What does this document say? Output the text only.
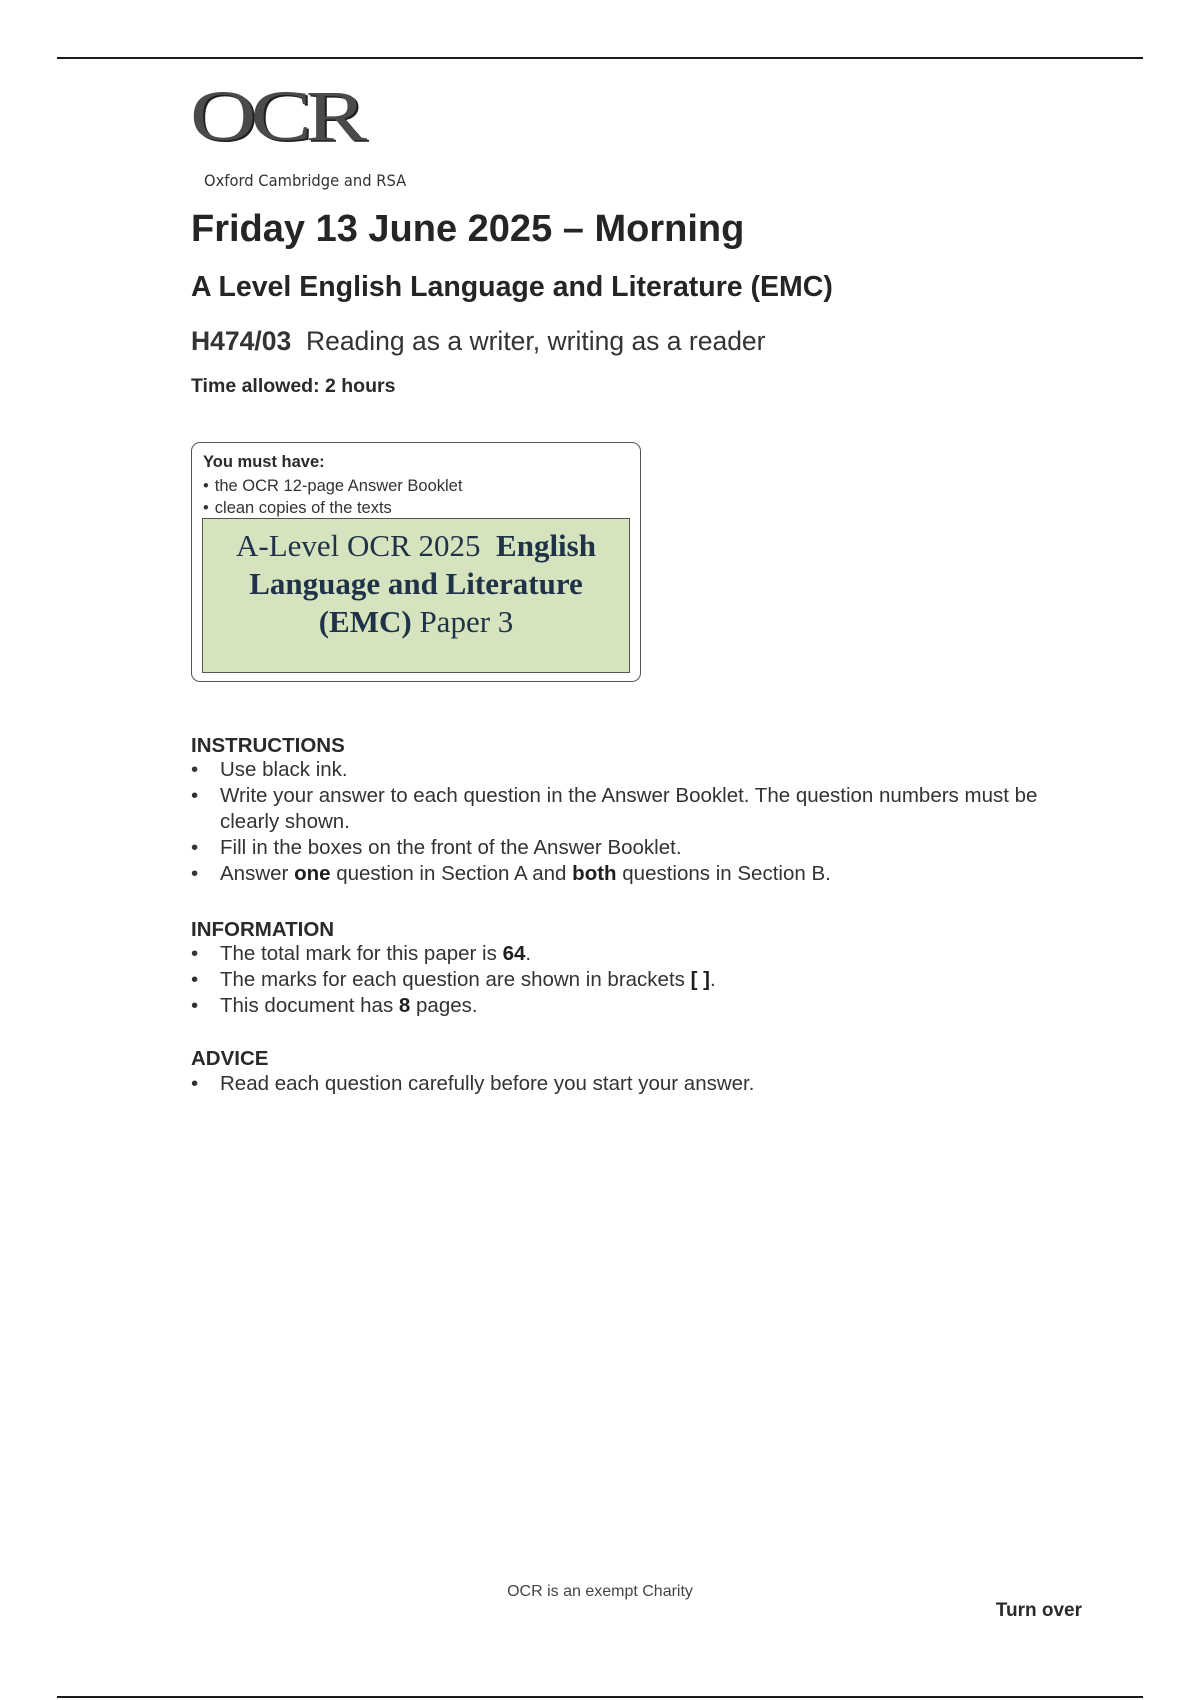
OCR
Oxford Cambridge and RSA
Friday 13 June 2025 – Morning
A Level English Language and Literature (EMC)
H474/03 Reading as a writer, writing as a reader
Time allowed: 2 hours
You must have:
• the OCR 12-page Answer Booklet
• clean copies of the texts
A-Level OCR 2025 English
Language and Literature
(EMC) Paper 3
INSTRUCTIONS
• Use black ink.
• Write your answer to each question in the Answer Booklet. The question numbers must be clearly shown.
• Fill in the boxes on the front of the Answer Booklet.
• Answer one question in Section A and both questions in Section B.
INFORMATION
• The total mark for this paper is 64.
• The marks for each question are shown in brackets [ ].
• This document has 8 pages.
ADVICE
• Read each question carefully before you start your answer.
OCR is an exempt Charity
Turn over
